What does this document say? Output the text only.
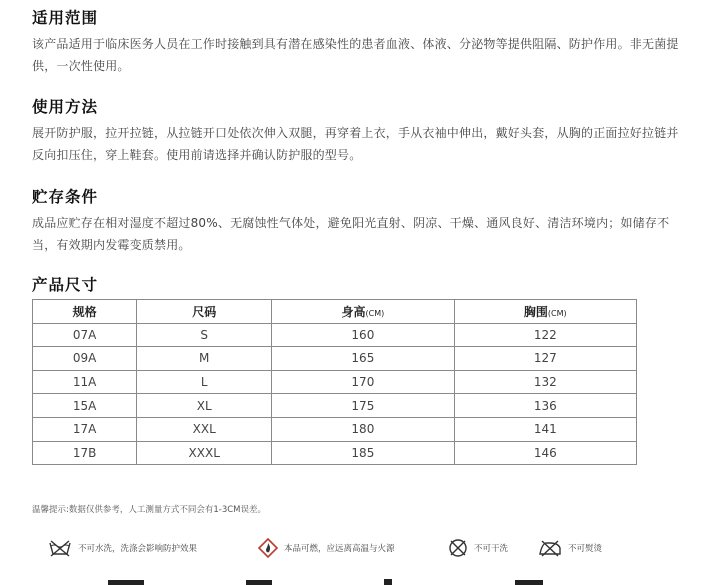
适用范围

该产品适用于临床医务人员在工作时接触到具有潜在感染性的患者血液、体液、分泌物等提供阻隔、防护作用。非无菌提供，一次性使用。

使用方法

展开防护服，拉开拉链，从拉链开口处依次伸入双腿，再穿着上衣，手从衣袖中伸出，戴好头套，从胸的正面拉好拉链并反向扣压住，穿上鞋套。使用前请选择并确认防护服的型号。

贮存条件

成品应贮存在相对湿度不超过80%、无腐蚀性气体处，避免阳光直射、阴凉、干燥、通风良好、清洁环境内；如储存不当，有效期内发霉变质禁用。

产品尺寸
规格	尺码	身高(CM)	胸围(CM)
07A	S	160	122
09A	M	165	127
11A	L	170	132
15A	XL	175	136
17A	XXL	180	141
17B	XXXL	185	146
温馨提示:数据仅供参考，人工测量方式不同会有1-3CM误差。
不可水洗，洗涤会影响防护效果	本品可燃，应远离高温与火源	不可干洗	不可熨烫
